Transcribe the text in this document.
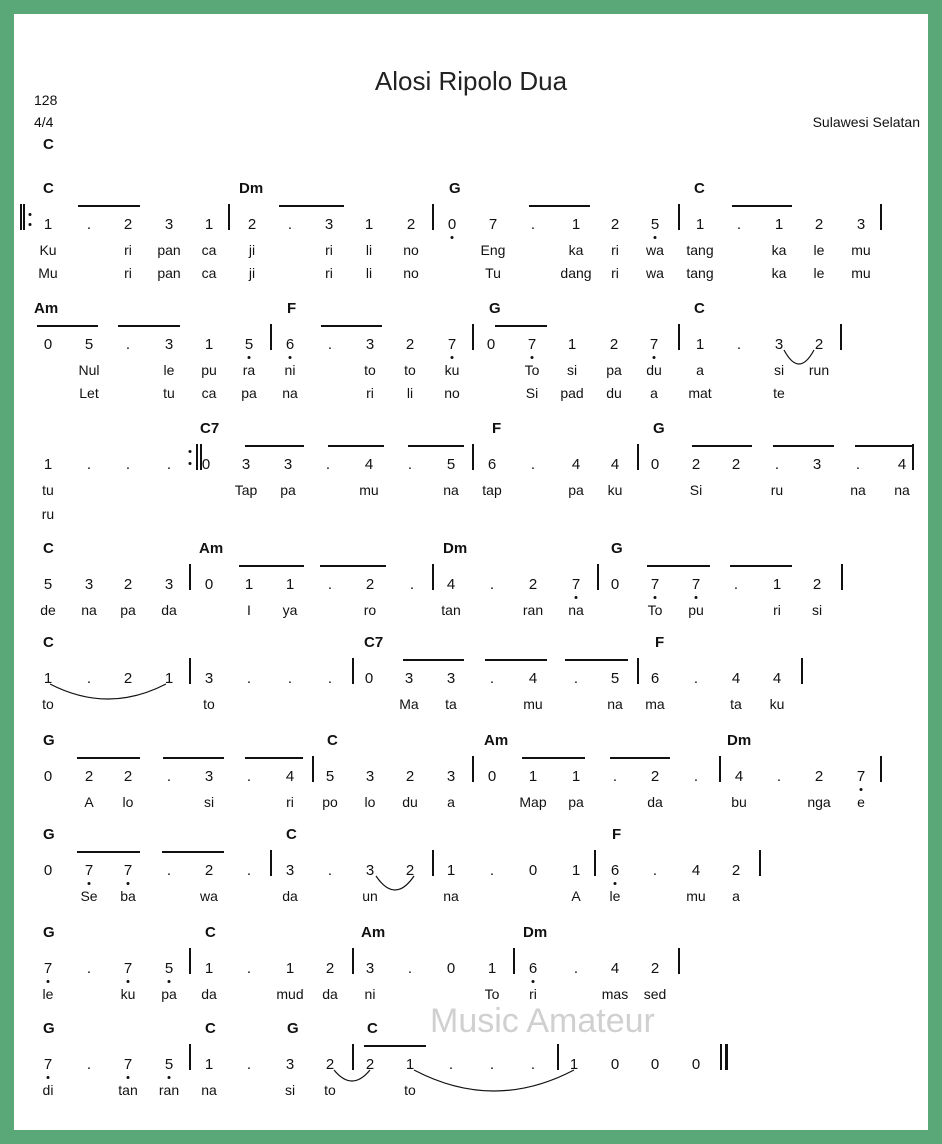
Alosi Ripolo Dua
128
4/4
C
Sulawesi Selatan
Music Amateur
C	Dm	G	C
1 . 2 3 1 2 . 3 1 2 0 7 . 1 2 5 1 . 1 2 3
Ku	ri pan ca ji	ri li no	Eng	ka ri wa tang	ka le mu
Mu	ri pan ca ji	ri li no	Tu	dang ri wa tang	ka le mu
Am	F	G	C
0 5 . 3 1 5 6 . 3 2 7 0 7 1 2 7	1 . 3 2
Nul	le pu ra ni	to to ku	To si pa du a	si run
Let	tu ca pa na	ri li no	Si pad du a mat	te
C7	F	G
1 . . . 0 3 3 . 4 . 5 6 . 4 4 0 2 2 . 3 .	4
tu	Tap pa	mu	na tap	pa ku	Si	ru	na na
ru
C	Am	Dm	G
5 3 2 3 0 1 1 . 2 . 4 . 2 7 0 7 7 . 1 2
de na pa da	I ya	ro	tan	ran na	To pu	ri si
C	C7	F
1 . 2 1 3 . . . 0 3 3 . 4 . 5 6 . 4 4
to	to	Ma ta	mu	na ma	ta ku
G	C	Am	Dm
0 2 2 . 3 . 4 5 3 2 3 0 1 1 . 2 . 4 . 2 7
A lo	si	ri po lo du a	Map pa	da	bu	nga e
G	C	F
0 7 7 . 2 . 3 . 3 2 1 . 0 1 6 . 4 2
Se ba	wa	da	un	na	A le	mu a
G	C	Am	Dm
7 . 7 5 1 . 1 2 3 . 0 1 6 . 4 2
le	ku pa da	mud da ni	To ri	mas sed
G	C	G	C
7 . 7 5 1 . 3 2 2 1 . . . 1 0 0 0
di	tan ran na	si to	to
